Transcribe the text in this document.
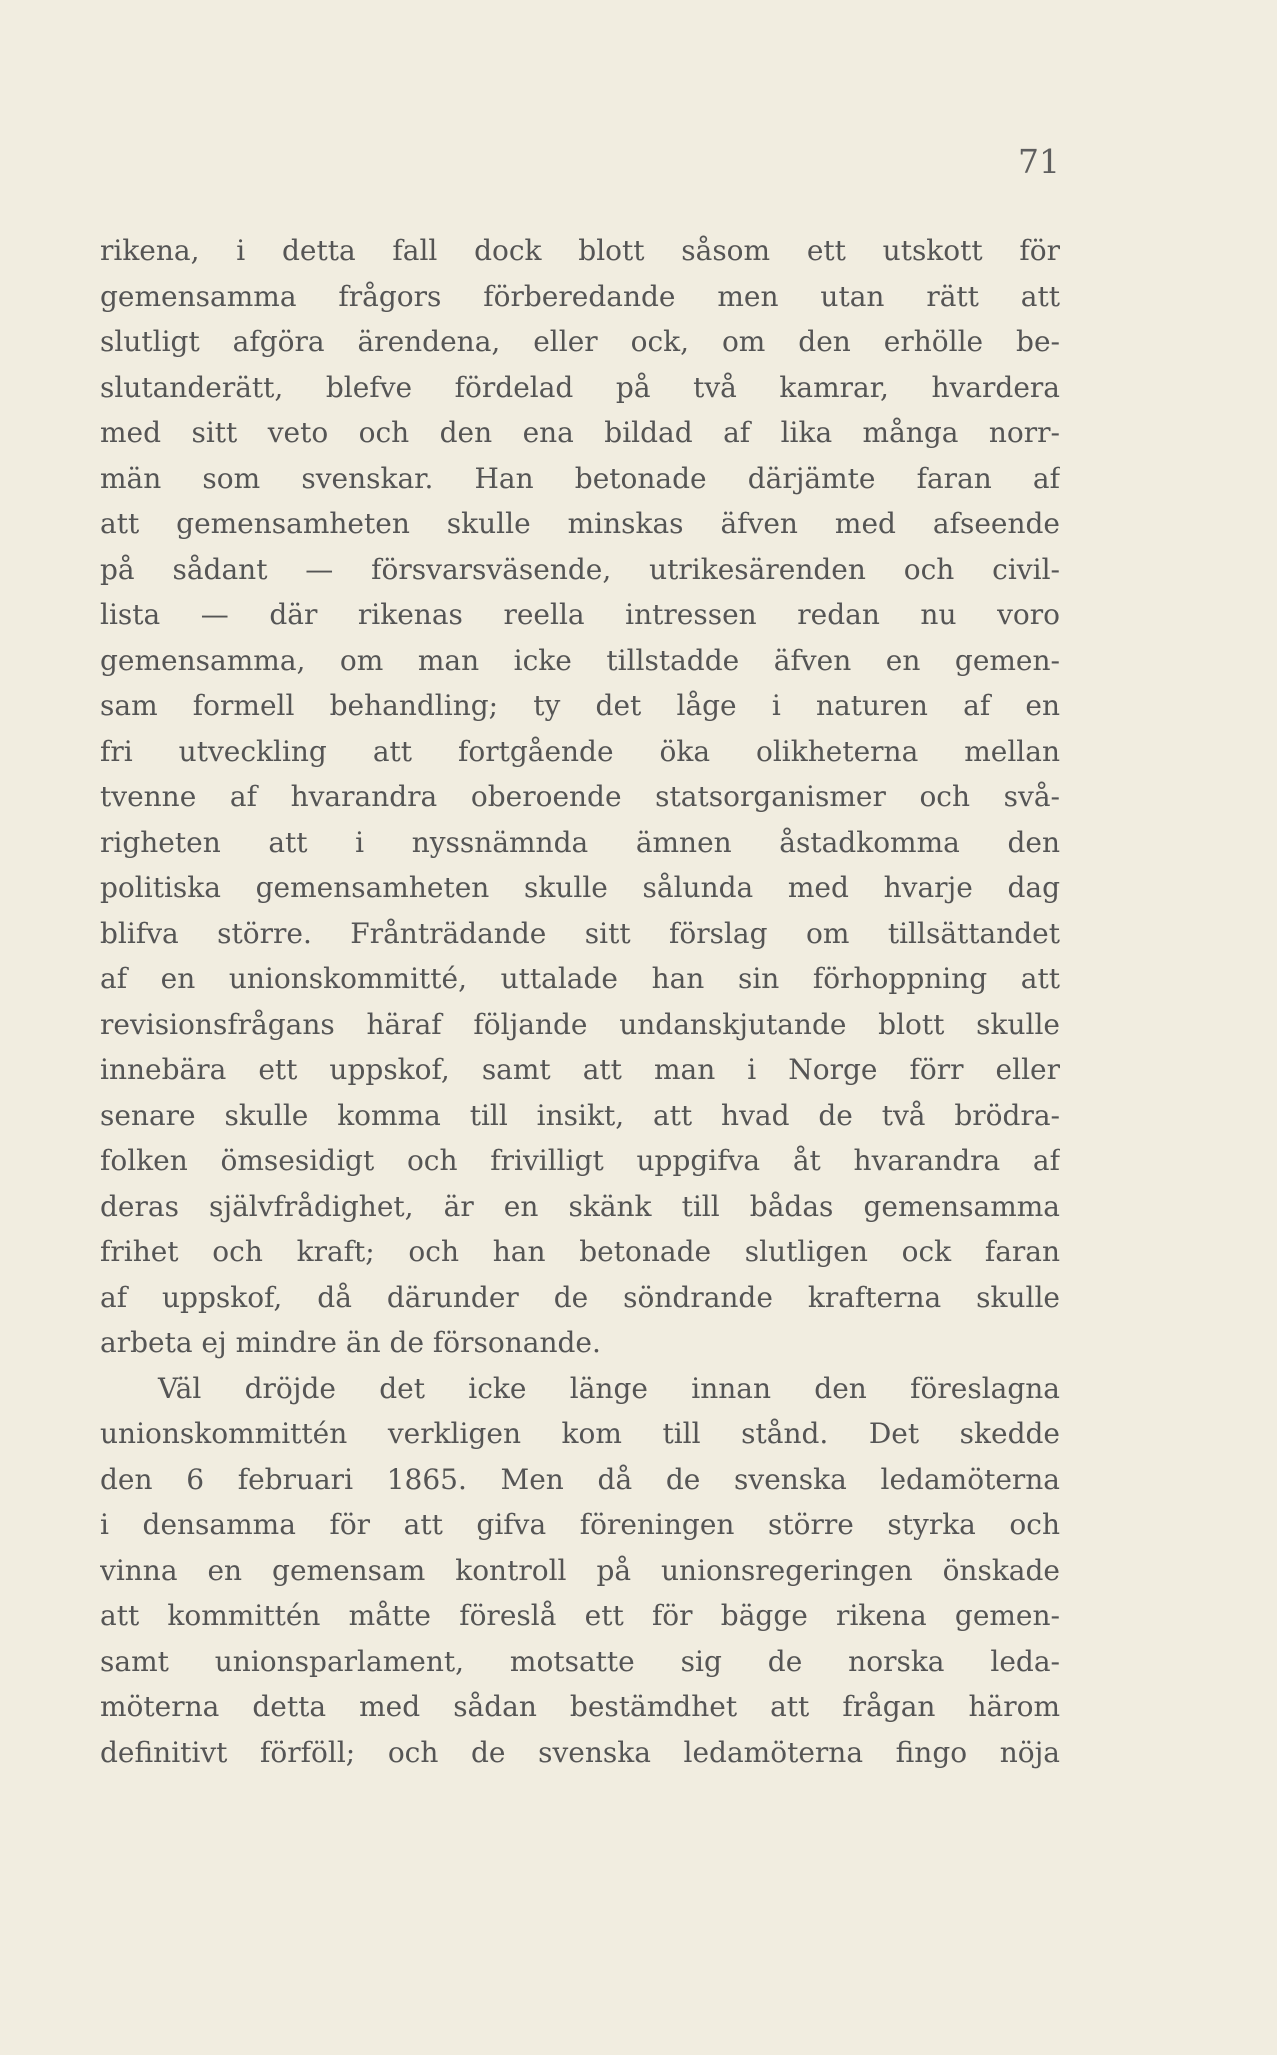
71
rikena, i detta fall dock blott såsom ett utskott för
gemensamma frågors förberedande men utan rätt att
slutligt afgöra ärendena, eller ock, om den erhölle be-
slutanderätt, blefve fördelad på två kamrar, hvardera
med sitt veto och den ena bildad af lika många norr-
män som svenskar. Han betonade därjämte faran af
att gemensamheten skulle minskas äfven med afseende
på sådant — försvarsväsende, utrikesärenden och civil-
lista — där rikenas reella intressen redan nu voro
gemensamma, om man icke tillstadde äfven en gemen-
sam formell behandling; ty det låge i naturen af en
fri utveckling att fortgående öka olikheterna mellan
tvenne af hvarandra oberoende statsorganismer och svå-
righeten att i nyssnämnda ämnen åstadkomma den
politiska gemensamheten skulle sålunda med hvarje dag
blifva större. Frånträdande sitt förslag om tillsättandet
af en unionskommitté, uttalade han sin förhoppning att
revisionsfrågans häraf följande undanskjutande blott skulle
innebära ett uppskof, samt att man i Norge förr eller
senare skulle komma till insikt, att hvad de två brödra-
folken ömsesidigt och frivilligt uppgifva åt hvarandra af
deras självfrådighet, är en skänk till bådas gemensamma
frihet och kraft; och han betonade slutligen ock faran
af uppskof, då därunder de söndrande krafterna skulle
arbeta ej mindre än de försonande.
Väl dröjde det icke länge innan den föreslagna
unionskommittén verkligen kom till stånd. Det skedde
den 6 februari 1865. Men då de svenska ledamöterna
i densamma för att gifva föreningen större styrka och
vinna en gemensam kontroll på unionsregeringen önskade
att kommittén måtte föreslå ett för bägge rikena gemen-
samt unionsparlament, motsatte sig de norska leda-
möterna detta med sådan bestämdhet att frågan härom
definitivt förföll; och de svenska ledamöterna fingo nöja
